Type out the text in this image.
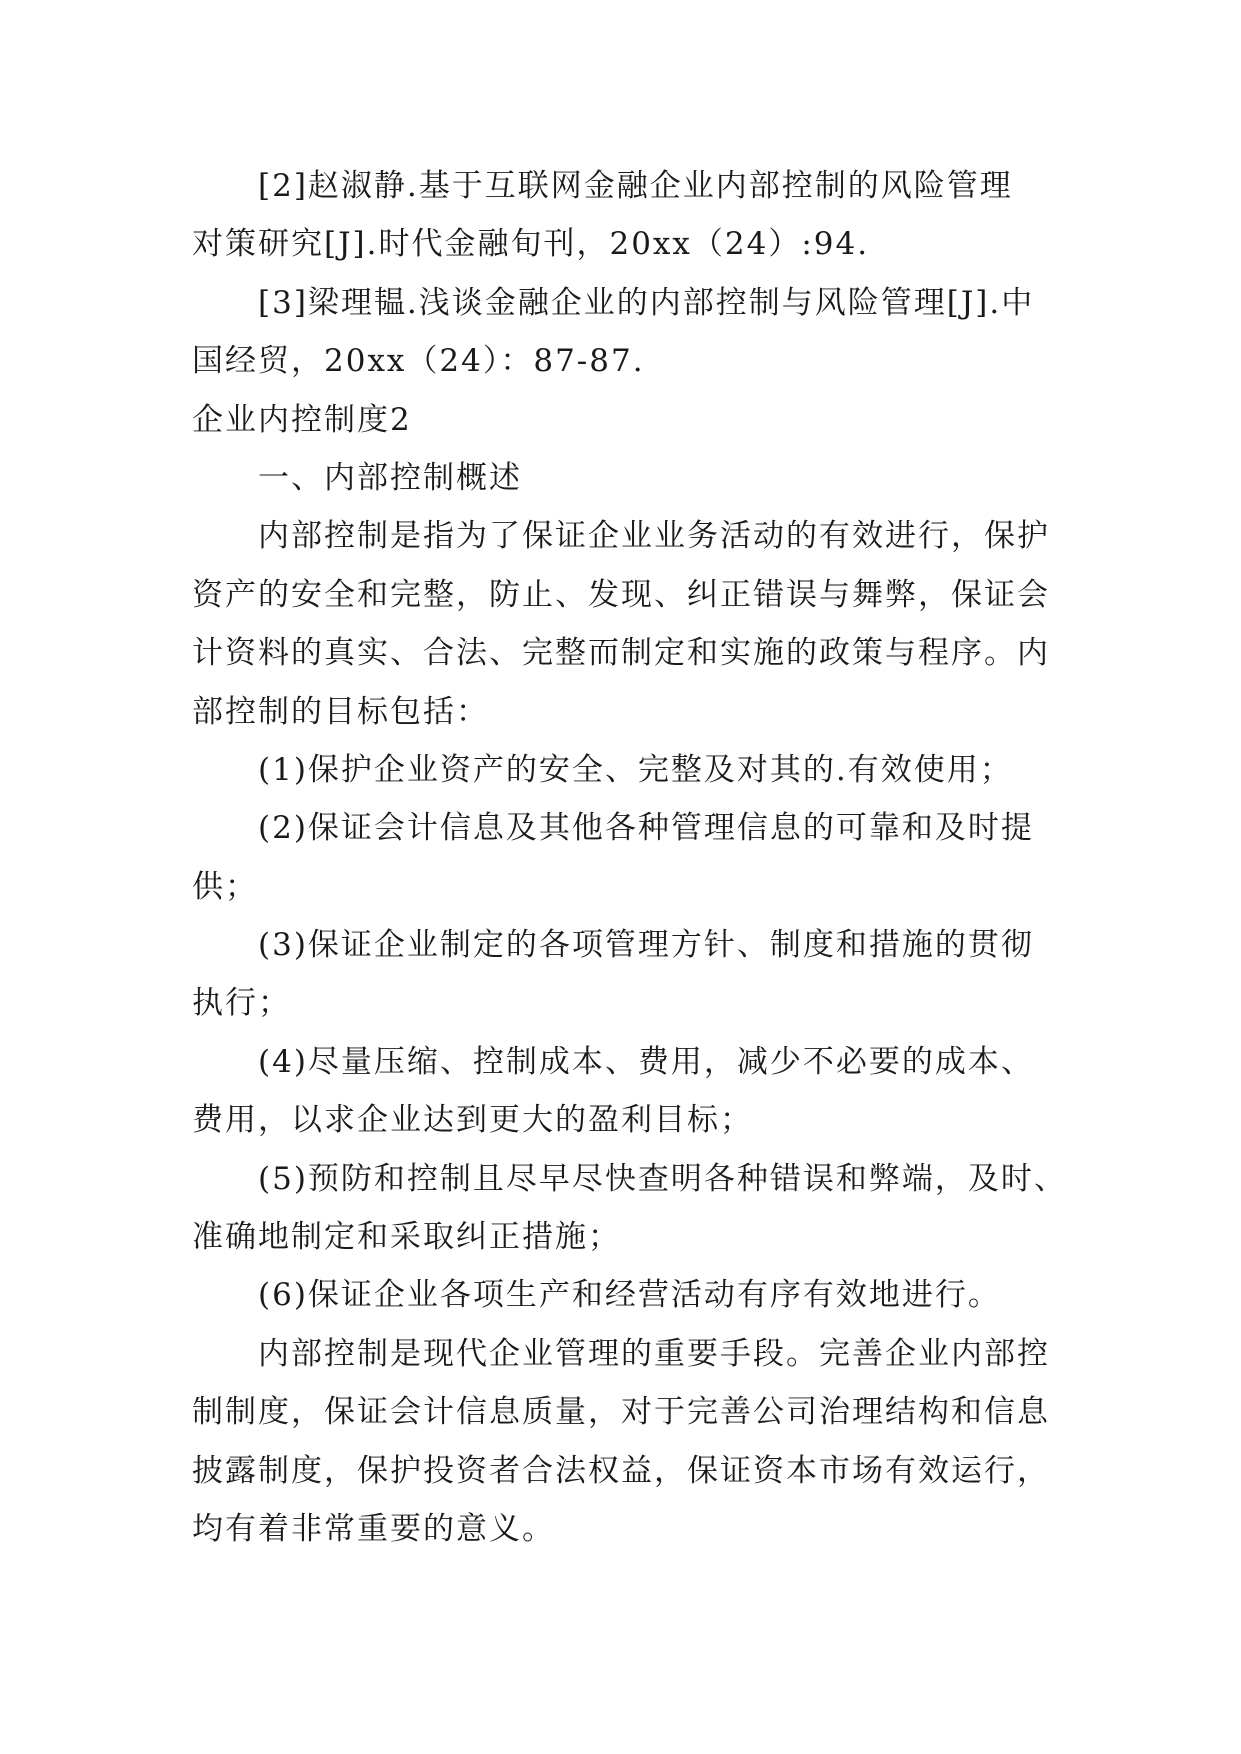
[2]赵淑静.基于互联网金融企业内部控制的风险管理
对策研究[J].时代金融旬刊，20xx（24）:94.
[3]梁理韫.浅谈金融企业的内部控制与风险管理[J].中
国经贸，20xx（24）：87-87.
企业内控制度2
一、内部控制概述
内部控制是指为了保证企业业务活动的有效进行，保护
资产的安全和完整，防止、发现、纠正错误与舞弊，保证会
计资料的真实、合法、完整而制定和实施的政策与程序。内
部控制的目标包括：
(1)保护企业资产的安全、完整及对其的.有效使用；
(2)保证会计信息及其他各种管理信息的可靠和及时提
供；
(3)保证企业制定的各项管理方针、制度和措施的贯彻
执行；
(4)尽量压缩、控制成本、费用，减少不必要的成本、
费用，以求企业达到更大的盈利目标；
(5)预防和控制且尽早尽快查明各种错误和弊端，及时、
准确地制定和采取纠正措施；
(6)保证企业各项生产和经营活动有序有效地进行。
内部控制是现代企业管理的重要手段。完善企业内部控
制制度，保证会计信息质量，对于完善公司治理结构和信息
披露制度，保护投资者合法权益，保证资本市场有效运行，
均有着非常重要的意义。
